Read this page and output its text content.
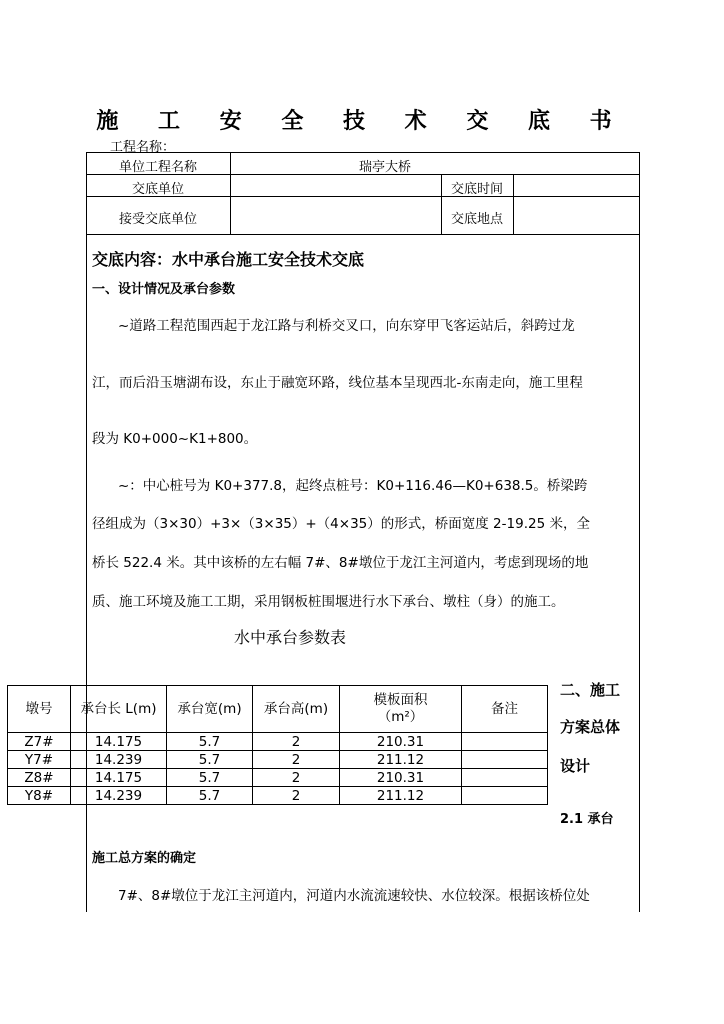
施 工 安 全 技 术 交 底 书
工程名称：
单位工程名称	瑞亭大桥
交底单位	交底时间
接受交底单位	交底地点
交底内容：水中承台施工安全技术交底
一、设计情况及承台参数
~道路工程范围西起于龙江路与利桥交叉口，向东穿甲飞客运站后，斜跨过龙
江，而后沿玉塘湖布设，东止于融宽环路，线位基本呈现西北-东南走向，施工里程
段为 K0+000~K1+800。
~：中心桩号为 K0+377.8，起终点桩号：K0+116.46—K0+638.5。桥梁跨
径组成为（3×30）+3×（3×35）+（4×35）的形式，桥面宽度 2-19.25 米，全
桥长 522.4 米。其中该桥的左右幅 7#、8#墩位于龙江主河道内，考虑到现场的地
质、施工环境及施工工期，采用钢板桩围堰进行水下承台、墩柱（身）的施工。
水中承台参数表
墩号	承台长 L(m)	承台宽(m)	承台高(m)	模板面积
（m²）	备注
Z7#	14.175	5.7	2	210.31	
Y7#	14.239	5.7	2	211.12	
Z8#	14.175	5.7	2	210.31	
Y8#	14.239	5.7	2	211.12	
二、施工
方案总体
设计
2.1 承台
施工总方案的确定
7#、8#墩位于龙江主河道内，河道内水流流速较快、水位较深。根据该桥位处
